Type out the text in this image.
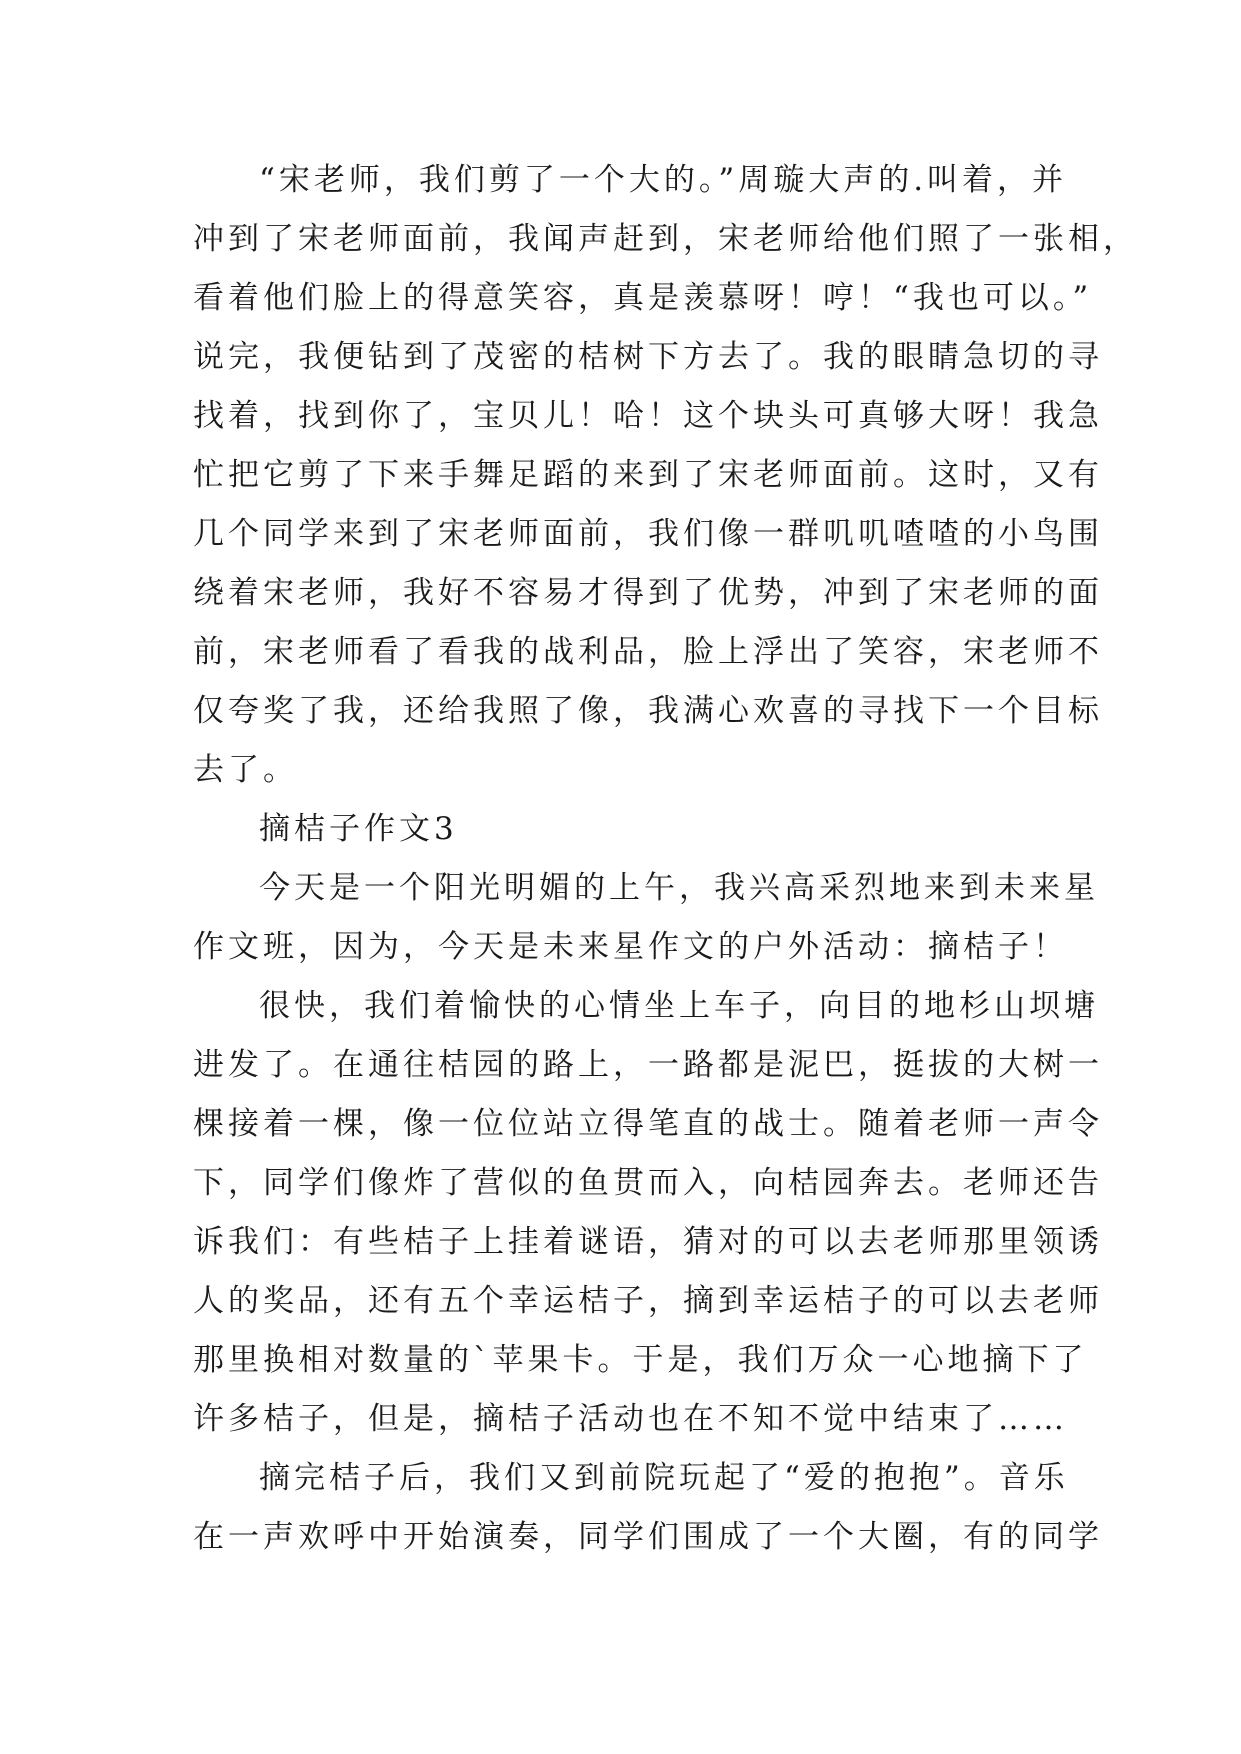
“宋老师，我们剪了一个大的。”周璇大声的.叫着，并
冲到了宋老师面前，我闻声赶到，宋老师给他们照了一张相，
看着他们脸上的得意笑容，真是羡慕呀！哼！“我也可以。”
说完，我便钻到了茂密的桔树下方去了。我的眼睛急切的寻
找着，找到你了，宝贝儿！哈！这个块头可真够大呀！我急
忙把它剪了下来手舞足蹈的来到了宋老师面前。这时，又有
几个同学来到了宋老师面前，我们像一群叽叽喳喳的小鸟围
绕着宋老师，我好不容易才得到了优势，冲到了宋老师的面
前，宋老师看了看我的战利品，脸上浮出了笑容，宋老师不
仅夸奖了我，还给我照了像，我满心欢喜的寻找下一个目标
去了。
摘桔子作文3
今天是一个阳光明媚的上午，我兴高采烈地来到未来星
作文班，因为，今天是未来星作文的户外活动：摘桔子！
很快，我们着愉快的心情坐上车子，向目的地杉山坝塘
进发了。在通往桔园的路上，一路都是泥巴，挺拔的大树一
棵接着一棵，像一位位站立得笔直的战士。随着老师一声令
下，同学们像炸了营似的鱼贯而入，向桔园奔去。老师还告
诉我们：有些桔子上挂着谜语，猜对的可以去老师那里领诱
人的奖品，还有五个幸运桔子，摘到幸运桔子的可以去老师
那里换相对数量的`苹果卡。于是，我们万众一心地摘下了
许多桔子，但是，摘桔子活动也在不知不觉中结束了……
摘完桔子后，我们又到前院玩起了“爱的抱抱”。音乐
在一声欢呼中开始演奏，同学们围成了一个大圈，有的同学
